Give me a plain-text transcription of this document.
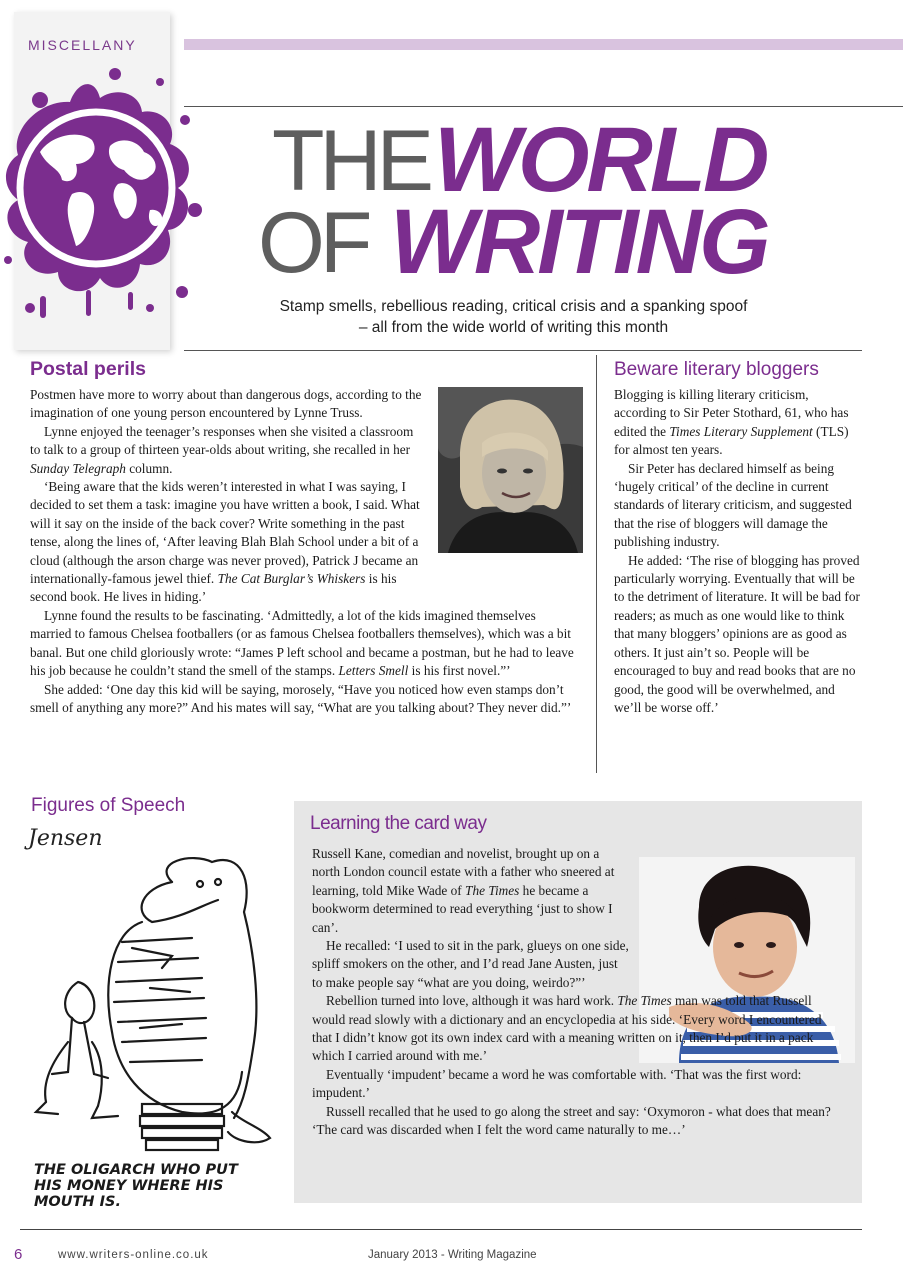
MISCELLANY
THE WORLD
OF WRITING
Stamp smells, rebellious reading, critical crisis and a spanking spoof
– all from the wide world of writing this month
Postal perils

Postmen have more to worry about than dangerous dogs, according to the imagination of one young person encountered by Lynne Truss.

Lynne enjoyed the teenager’s responses when she visited a classroom to talk to a group of thirteen year-olds about writing, she recalled in her Sunday Telegraph column.

‘Being aware that the kids weren’t interested in what I was saying, I decided to set them a task: imagine you have written a book, I said. What will it say on the inside of the back cover? Write something in the past tense, along the lines of, ‘After leaving Blah Blah School under a bit of a cloud (although the arson charge was never proved), Patrick J became an internationally-famous jewel thief. The Cat Burglar’s Whiskers is his second book. He lives in hiding.’

Lynne found the results to be fascinating. ‘Admittedly, a lot of the kids imagined themselves married to famous Chelsea footballers (or as famous Chelsea footballers themselves), which was a bit banal. But one child gloriously wrote: “James P left school and became a postman, but he had to leave his job because he couldn’t stand the smell of the stamps. Letters Smell is his first novel.”’

She added: ‘One day this kid will be saying, morosely, “Have you noticed how even stamps don’t smell of anything any more?” And his mates will say, “What are you talking about? They never did.”’

Beware literary bloggers

Blogging is killing literary criticism, according to Sir Peter Stothard, 61, who has edited the Times Literary Supplement (TLS) for almost ten years.

Sir Peter has declared himself as being ‘hugely critical’ of the decline in current standards of literary criticism, and suggested that the rise of bloggers will damage the publishing industry.

He added: ‘The rise of blogging has proved particularly worrying. Eventually that will be to the detriment of literature. It will be bad for readers; as much as one would like to think that many bloggers’ opinions are as good as others. It just ain’t so. People will be encouraged to buy and read books that are no good, the good will be overwhelmed, and we’ll be worse off.’

Figures of Speech
Jensen
THE OLIGARCH WHO PUT
HIS MONEY WHERE HIS
MOUTH IS.
Learning the card way

Russell Kane, comedian and novelist, brought up on a north London council estate with a father who sneered at learning, told Mike Wade of The Times he became a bookworm determined to read everything ‘just to show I can’.

He recalled: ‘I used to sit in the park, glueys on one side, spliff smokers on the other, and I’d read Jane Austen, just to make people say “what are you doing, weirdo?”’

Rebellion turned into love, although it was hard work. The Times man was told that Russell would read slowly with a dictionary and an encyclopedia at his side. ‘Every word I encountered that I didn’t know got its own index card with a meaning written on it, then I’d put it in a pack which I carried around with me.’

Eventually ‘impudent’ became a word he was comfortable with. ‘That was the first word: impudent.’

Russell recalled that he used to go along the street and say: ‘Oxymoron - what does that mean? ‘The card was discarded when I felt the word came naturally to me…’

6	www.writers-online.co.uk	January 2013 - Writing Magazine
